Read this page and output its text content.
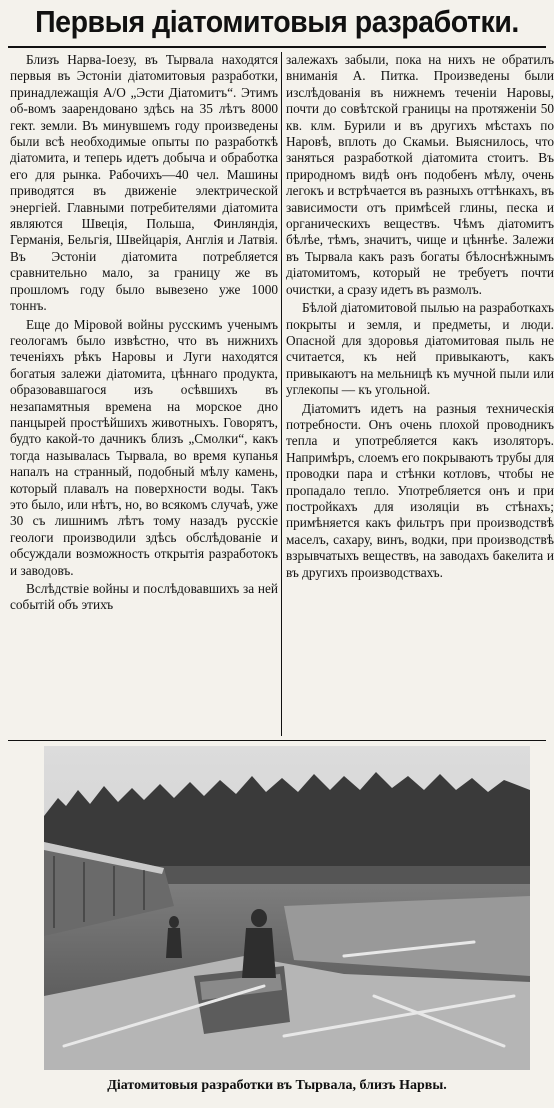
Первыя діатомитовыя разработки.

Близъ Нарва-Іоезу, въ Тырвала находятся первыя въ Эстоніи діатомитовыя разработки, принадлежащія А/О „Эсти Діатомитъ“. Этимъ об-вомъ заарендовано здѣсь на 35 лѣтъ 8000 гект. земли. Въ минувшемъ году произведены были всѣ необходимые опыты по разработкѣ діатомита, и теперь идетъ добыча и обработка его для рынка. Рабочихъ—40 чел. Машины приводятся въ движеніе электрической энергіей. Главными потребителями діатомита являются Швеція, Польша, Финляндія, Германія, Бельгія, Швейцарія, Англія и Латвія. Въ Эстоніи діатомита потребляется сравнительно мало, за границу же въ прошломъ году было вывезено уже 1000 тоннъ.

Еще до Міровой войны русскимъ ученымъ геологамъ было извѣстно, что въ нижнихъ теченіяхъ рѣкъ Наровы и Луги находятся богатыя залежи діатомита, цѣннаго продукта, образовавшагося изъ осѣвшихъ въ незапамятныя времена на морское дно панцырей простѣйшихъ животныхъ. Говорятъ, будто какой-то дачникъ близъ „Смолки“, какъ тогда называлась Тырвала, во время купанья напалъ на странный, подобный мѣлу камень, который плавалъ на поверхности воды. Такъ это было, или нѣтъ, но, во всякомъ случаѣ, уже 30 съ лишнимъ лѣтъ тому назадъ русскіе геологи производили здѣсь обслѣдованіе и обсуждали возможность открытія разработокъ и заводовъ.

Вслѣдствіе войны и послѣдовавшихъ за ней событій объ этихъ

залежахъ забыли, пока на нихъ не обратилъ вниманія А. Питка. Произведены были изслѣдованія въ нижнемъ теченіи Наровы, почти до совѣтской границы на протяженіи 50 кв. клм. Бурили и въ другихъ мѣстахъ по Наровѣ, вплоть до Скамьи. Выяснилось, что заняться разработкой діатомита стоитъ. Въ природномъ видѣ онъ подобенъ мѣлу, очень легокъ и встрѣчается въ разныхъ оттѣнкахъ, въ зависимости отъ примѣсей глины, песка и органическихъ веществъ. Чѣмъ діатомитъ бѣлѣе, тѣмъ, значитъ, чище и цѣннѣе. Залежи въ Тырвала какъ разъ богаты бѣлоснѣжнымъ діатомитомъ, который не требуетъ почти очистки, а сразу идетъ въ размолъ.

Бѣлой діатомитовой пылью на разработкахъ покрыты и земля, и предметы, и люди. Опасной для здоровья діатомитовая пыль не считается, къ ней привыкаютъ, какъ привыкаютъ на мельницѣ къ мучной пыли или углекопы — къ угольной.

Діатомитъ идетъ на разныя техническія потребности. Онъ очень плохой проводникъ тепла и употребляется какъ изоляторъ. Напримѣръ, слоемъ его покрываютъ трубы для проводки пара и стѣнки котловъ, чтобы не пропадало тепло. Употребляется онъ и при постройкахъ для изоляціи въ стѣнахъ; примѣняется какъ фильтръ при производствѣ маселъ, сахару, винъ, водки, при производствѣ взрывчатыхъ веществъ, на заводахъ бакелита и въ другихъ производствахъ.

Діатомитовыя разработки въ Тырвала, близъ Нарвы.
